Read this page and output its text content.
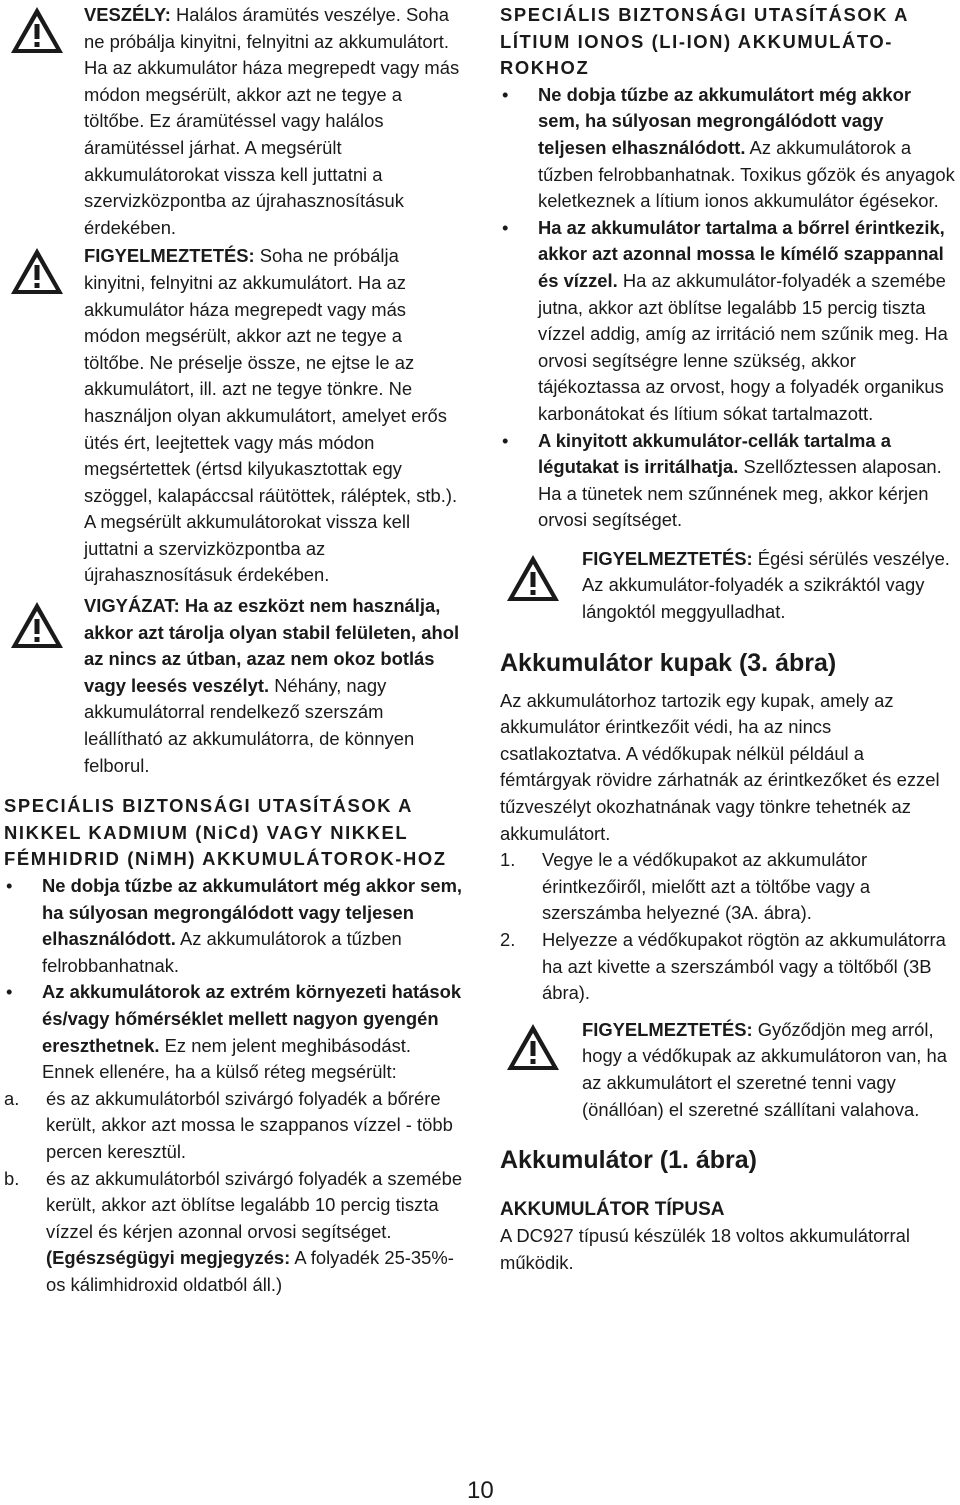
VESZÉLY: Halálos áramütés veszélye. Soha ne próbálja kinyitni, felnyitni az akkumulátort. Ha az akkumulátor háza megrepedt vagy más módon megsérült, akkor azt ne tegye a töltőbe. Ez áramütéssel vagy halálos áramütéssel járhat. A megsérült akkumulátorokat vissza kell juttatni a szervizközpontba az újrahasznosításuk érdekében.

FIGYELMEZTETÉS: Soha ne próbálja kinyitni, felnyitni az akkumulátort. Ha az akkumulátor háza megrepedt vagy más módon megsérült, akkor azt ne tegye a töltőbe. Ne préselje össze, ne ejtse le az akkumulátort, ill. azt ne tegye tönkre. Ne használjon olyan akkumulátort, amelyet erős ütés ért, leejtettek vagy más módon megsértettek (értsd kilyukasztottak egy szöggel, kalapáccsal ráütöttek, ráléptek, stb.). A megsérült akkumulátorokat vissza kell juttatni a szervizközpontba az újrahasznosításuk érdekében.

VIGYÁZAT: Ha az eszközt nem használja, akkor azt tárolja olyan stabil felületen, ahol az nincs az útban, azaz nem okoz botlás vagy leesés veszélyt. Néhány, nagy akkumulátorral rendelkező szerszám leállítható az akkumulátorra, de könnyen felborul.

SPECIÁLIS BIZTONSÁGI UTASÍTÁSOK A NIKKEL KADMIUM (NiCd) VAGY NIKKEL FÉMHIDRID (NiMH) AKKUMULÁTOROK-HOZ

• Ne dobja tűzbe az akkumulátort még akkor sem, ha súlyosan megrongálódott vagy teljesen elhasználódott. Az akkumulátorok a tűzben felrobbanhatnak.
• Az akkumulátorok az extrém környezeti hatások és/vagy hőmérséklet mellett nagyon gyengén ereszthetnek. Ez nem jelent meghibásodást. Ennek ellenére, ha a külső réteg megsérült:
a. és az akkumulátorból szivárgó folyadék a bőrére került, akkor azt mossa le szappanos vízzel - több percen keresztül.
b. és az akkumulátorból szivárgó folyadék a szemébe került, akkor azt öblítse legalább 10 percig tiszta vízzel és kérjen azonnal orvosi segítséget. (Egészségügyi megjegyzés: A folyadék 25-35%-os kálimhidroxid oldatból áll.)

SPECIÁLIS BIZTONSÁGI UTASÍTÁSOK A LÍTIUM IONOS (LI-ION) AKKUMULÁTO-ROKHOZ

• Ne dobja tűzbe az akkumulátort még akkor sem, ha súlyosan megrongálódott vagy teljesen elhasználódott. Az akkumulátorok a tűzben felrobbanhatnak. Toxikus gőzök és anyagok keletkeznek a lítium ionos akkumulátor égésekor.
• Ha az akkumulátor tartalma a bőrrel érintkezik, akkor azt azonnal mossa le kímélő szappannal és vízzel. Ha az akkumulátor-folyadék a szemébe jutna, akkor azt öblítse legalább 15 percig tiszta vízzel addig, amíg az irritáció nem szűnik meg. Ha orvosi segítségre lenne szükség, akkor tájékoztassa az orvost, hogy a folyadék organikus karbonátokat és lítium sókat tartalmazott.
• A kinyitott akkumulátor-cellák tartalma a légutakat is irritálhatja. Szellőztessen alaposan. Ha a tünetek nem szűnnének meg, akkor kérjen orvosi segítséget.

FIGYELMEZTETÉS: Égési sérülés veszélye. Az akkumulátor-folyadék a szikráktól vagy lángoktól meggyulladhat.

Akkumulátor kupak (3. ábra)

Az akkumulátorhoz tartozik egy kupak, amely az akkumulátor érintkezőit védi, ha az nincs csatlakoztatva. A védőkupak nélkül például a fémtárgyak rövidre zárhatnák az érintkezőket és ezzel tűzveszélyt okozhatnának vagy tönkre tehetnék az akkumulátort.

1. Vegye le a védőkupakot az akkumulátor érintkezőiről, mielőtt azt a töltőbe vagy a szerszámba helyezné (3A. ábra).
2. Helyezze a védőkupakot rögtön az akkumulátorra ha azt kivette a szerszámból vagy a töltőből (3B ábra).

FIGYELMEZTETÉS: Győződjön meg arról, hogy a védőkupak az akkumulátoron van, ha az akkumulátort el szeretné tenni vagy (önállóan) el szeretné szállítani valahova.

Akkumulátor (1. ábra)
AKKUMULÁTOR TÍPUSA

A DC927 típusú készülék 18 voltos akkumulátorral működik.

10
